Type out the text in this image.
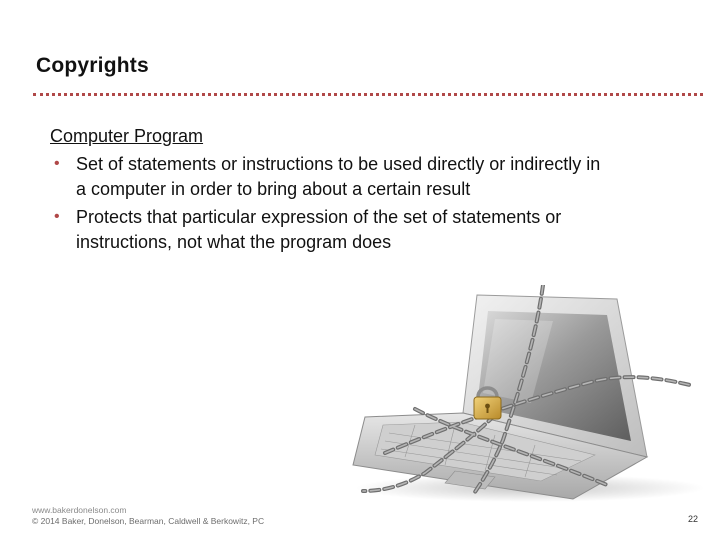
Copyrights
Computer Program
• Set of statements or instructions to be used directly or indirectly in a computer in order to bring about a certain result
• Protects that particular expression of the set of statements or instructions, not what the program does
www.bakerdonelson.com
© 2014 Baker, Donelson, Bearman, Caldwell & Berkowitz, PC	22
